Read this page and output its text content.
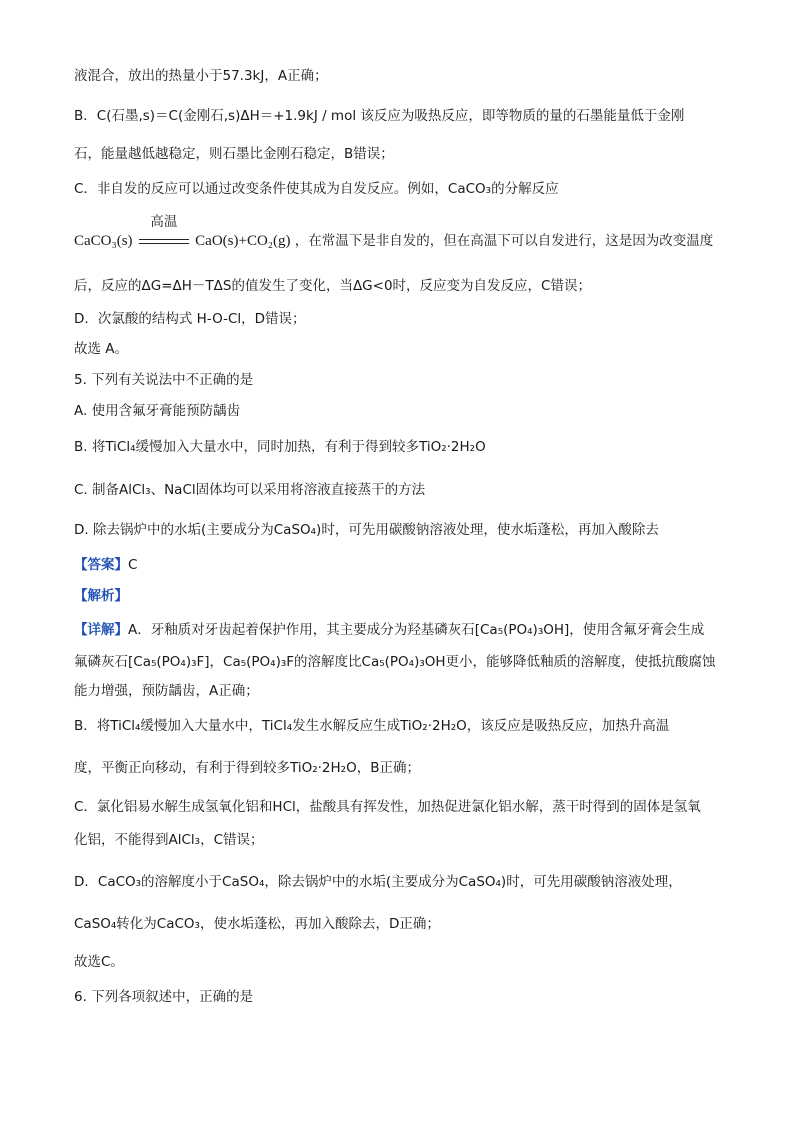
液混合，放出的热量小于57.3kJ，A正确；
B．C(石墨,s)＝C(金刚石,s)ΔH＝+1.9kJ / mol 该反应为吸热反应，即等物质的量的石墨能量低于金刚
石，能量越低越稳定，则石墨比金刚石稳定，B错误；
C．非自发的反应可以通过改变条件使其成为自发反应。例如，CaCO₃的分解反应
CaCO₃(s)
高温
CaO(s)+CO₂(g) ，在常温下是非自发的，但在高温下可以自发进行，这是因为改变温度
后，反应的ΔG=ΔH－TΔS的值发生了变化，当ΔG<0时，反应变为自发反应，C错误；
D．次氯酸的结构式 H-O-Cl，D错误；
故选 A。
5. 下列有关说法中不正确的是
A. 使用含氟牙膏能预防龋齿
B. 将TiCl₄缓慢加入大量水中，同时加热，有利于得到较多TiO₂·2H₂O
C. 制备AlCl₃、NaCl固体均可以采用将溶液直接蒸干的方法
D. 除去锅炉中的水垢(主要成分为CaSO₄)时，可先用碳酸钠溶液处理，使水垢蓬松，再加入酸除去
【答案】C
【解析】
【详解】A．牙釉质对牙齿起着保护作用，其主要成分为羟基磷灰石[Ca₅(PO₄)₃OH]，使用含氟牙膏会生成
氟磷灰石[Ca₅(PO₄)₃F]，Ca₅(PO₄)₃F的溶解度比Ca₅(PO₄)₃OH更小，能够降低釉质的溶解度，使抵抗酸腐蚀
能力增强，预防龋齿，A正确；
B．将TiCl₄缓慢加入大量水中，TiCl₄发生水解反应生成TiO₂·2H₂O，该反应是吸热反应，加热升高温
度，平衡正向移动，有利于得到较多TiO₂·2H₂O，B正确；
C．氯化铝易水解生成氢氧化铝和HCl，盐酸具有挥发性，加热促进氯化铝水解，蒸干时得到的固体是氢氧
化铝，不能得到AlCl₃，C错误；
D．CaCO₃的溶解度小于CaSO₄，除去锅炉中的水垢(主要成分为CaSO₄)时，可先用碳酸钠溶液处理，
CaSO₄转化为CaCO₃，使水垢蓬松，再加入酸除去，D正确；
故选C。
6. 下列各项叙述中，正确的是
